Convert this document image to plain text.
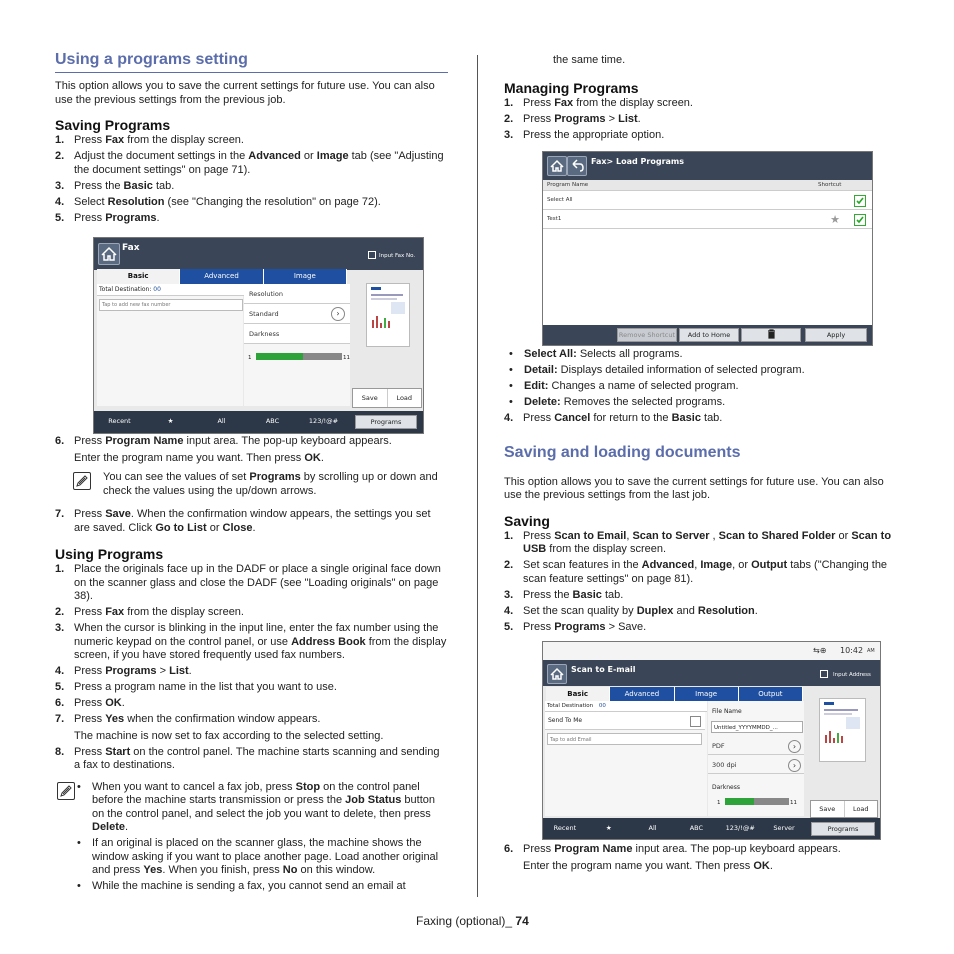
Using a programs setting

This option allows you to save the current settings for future use. You can also use the previous settings from the previous job.

Saving Programs
1. Press Fax from the display screen.
2. Adjust the document settings in the Advanced or Image tab (see "Adjusting the document settings" on page 71).
3. Press the Basic tab.
4. Select Resolution (see "Changing the resolution" on page 72).
5. Press Programs.
Fax
Input Fax No.
Basic	Advanced	Image
Total Destination: 00
Tap to add new fax number
Resolution
Standard	›
Darkness
1	11
Save	Load
Recent	★	All	ABC	123/!@#	Programs
6. Press Program Name input area. The pop-up keyboard appears.
Enter the program name you want. Then press OK.
You can see the values of set Programs by scrolling up or down and check the values using the up/down arrows.
7. Press Save. When the confirmation window appears, the settings you set are saved. Click Go to List or Close.
Using Programs
1. Place the originals face up in the DADF or place a single original face down on the scanner glass and close the DADF (see "Loading originals" on page 38).
2. Press Fax from the display screen.
3. When the cursor is blinking in the input line, enter the fax number using the numeric keypad on the control panel, or use Address Book from the display screen, if you have stored frequently used fax numbers.
4. Press Programs > List.
5. Press a program name in the list that you want to use.
6. Press OK.
7. Press Yes when the confirmation window appears.
The machine is now set to fax according to the selected setting.
8. Press Start on the control panel. The machine starts scanning and sending a fax to destinations.
• When you want to cancel a fax job, press Stop on the control panel before the machine starts transmission or press the Job Status button on the control panel, and select the job you want to delete, then press Delete.
• If an original is placed on the scanner glass, the machine shows the window asking if you want to place another page. Load another original and press Yes. When you finish, press No on this window.
• While the machine is sending a fax, you cannot send an email at

the same time.

Managing Programs
1. Press Fax from the display screen.
2. Press Programs > List.
3. Press the appropriate option.
Fax> Load Programs
Program Name	Shortcut
Select All
Test1	★
Remove Shortcut	Add to Home	Apply
• Select All: Selects all programs.
• Detail: Displays detailed information of selected program.
• Edit: Changes a name of selected program.
• Delete: Removes the selected programs.
4. Press Cancel for return to the Basic tab.
Saving and loading documents

This option allows you to save the current settings for future use. You can also use the previous settings from the last job.

Saving
1. Press Scan to Email, Scan to Server , Scan to Shared Folder or Scan to USB from the display screen.
2. Set scan features in the Advanced, Image, or Output tabs ("Changing the scan feature settings" on page 81).
3. Press the Basic tab.
4. Set the scan quality by Duplex and Resolution.
5. Press Programs > Save.
⇆⊕ 10:42 AM
Scan to E-mail
Input Address
Basic	Advanced	Image	Output
Total Destination 00
Send To Me
Tap to add Email
File Name
Untitled_YYYYMMDD_...
PDF	›
300 dpi	›
Darkness
1	11
Save	Load
Recent	★	All	ABC	123/!@#	Server	Programs
6. Press Program Name input area. The pop-up keyboard appears.
Enter the program name you want. Then press OK.
Faxing (optional)_ 74
